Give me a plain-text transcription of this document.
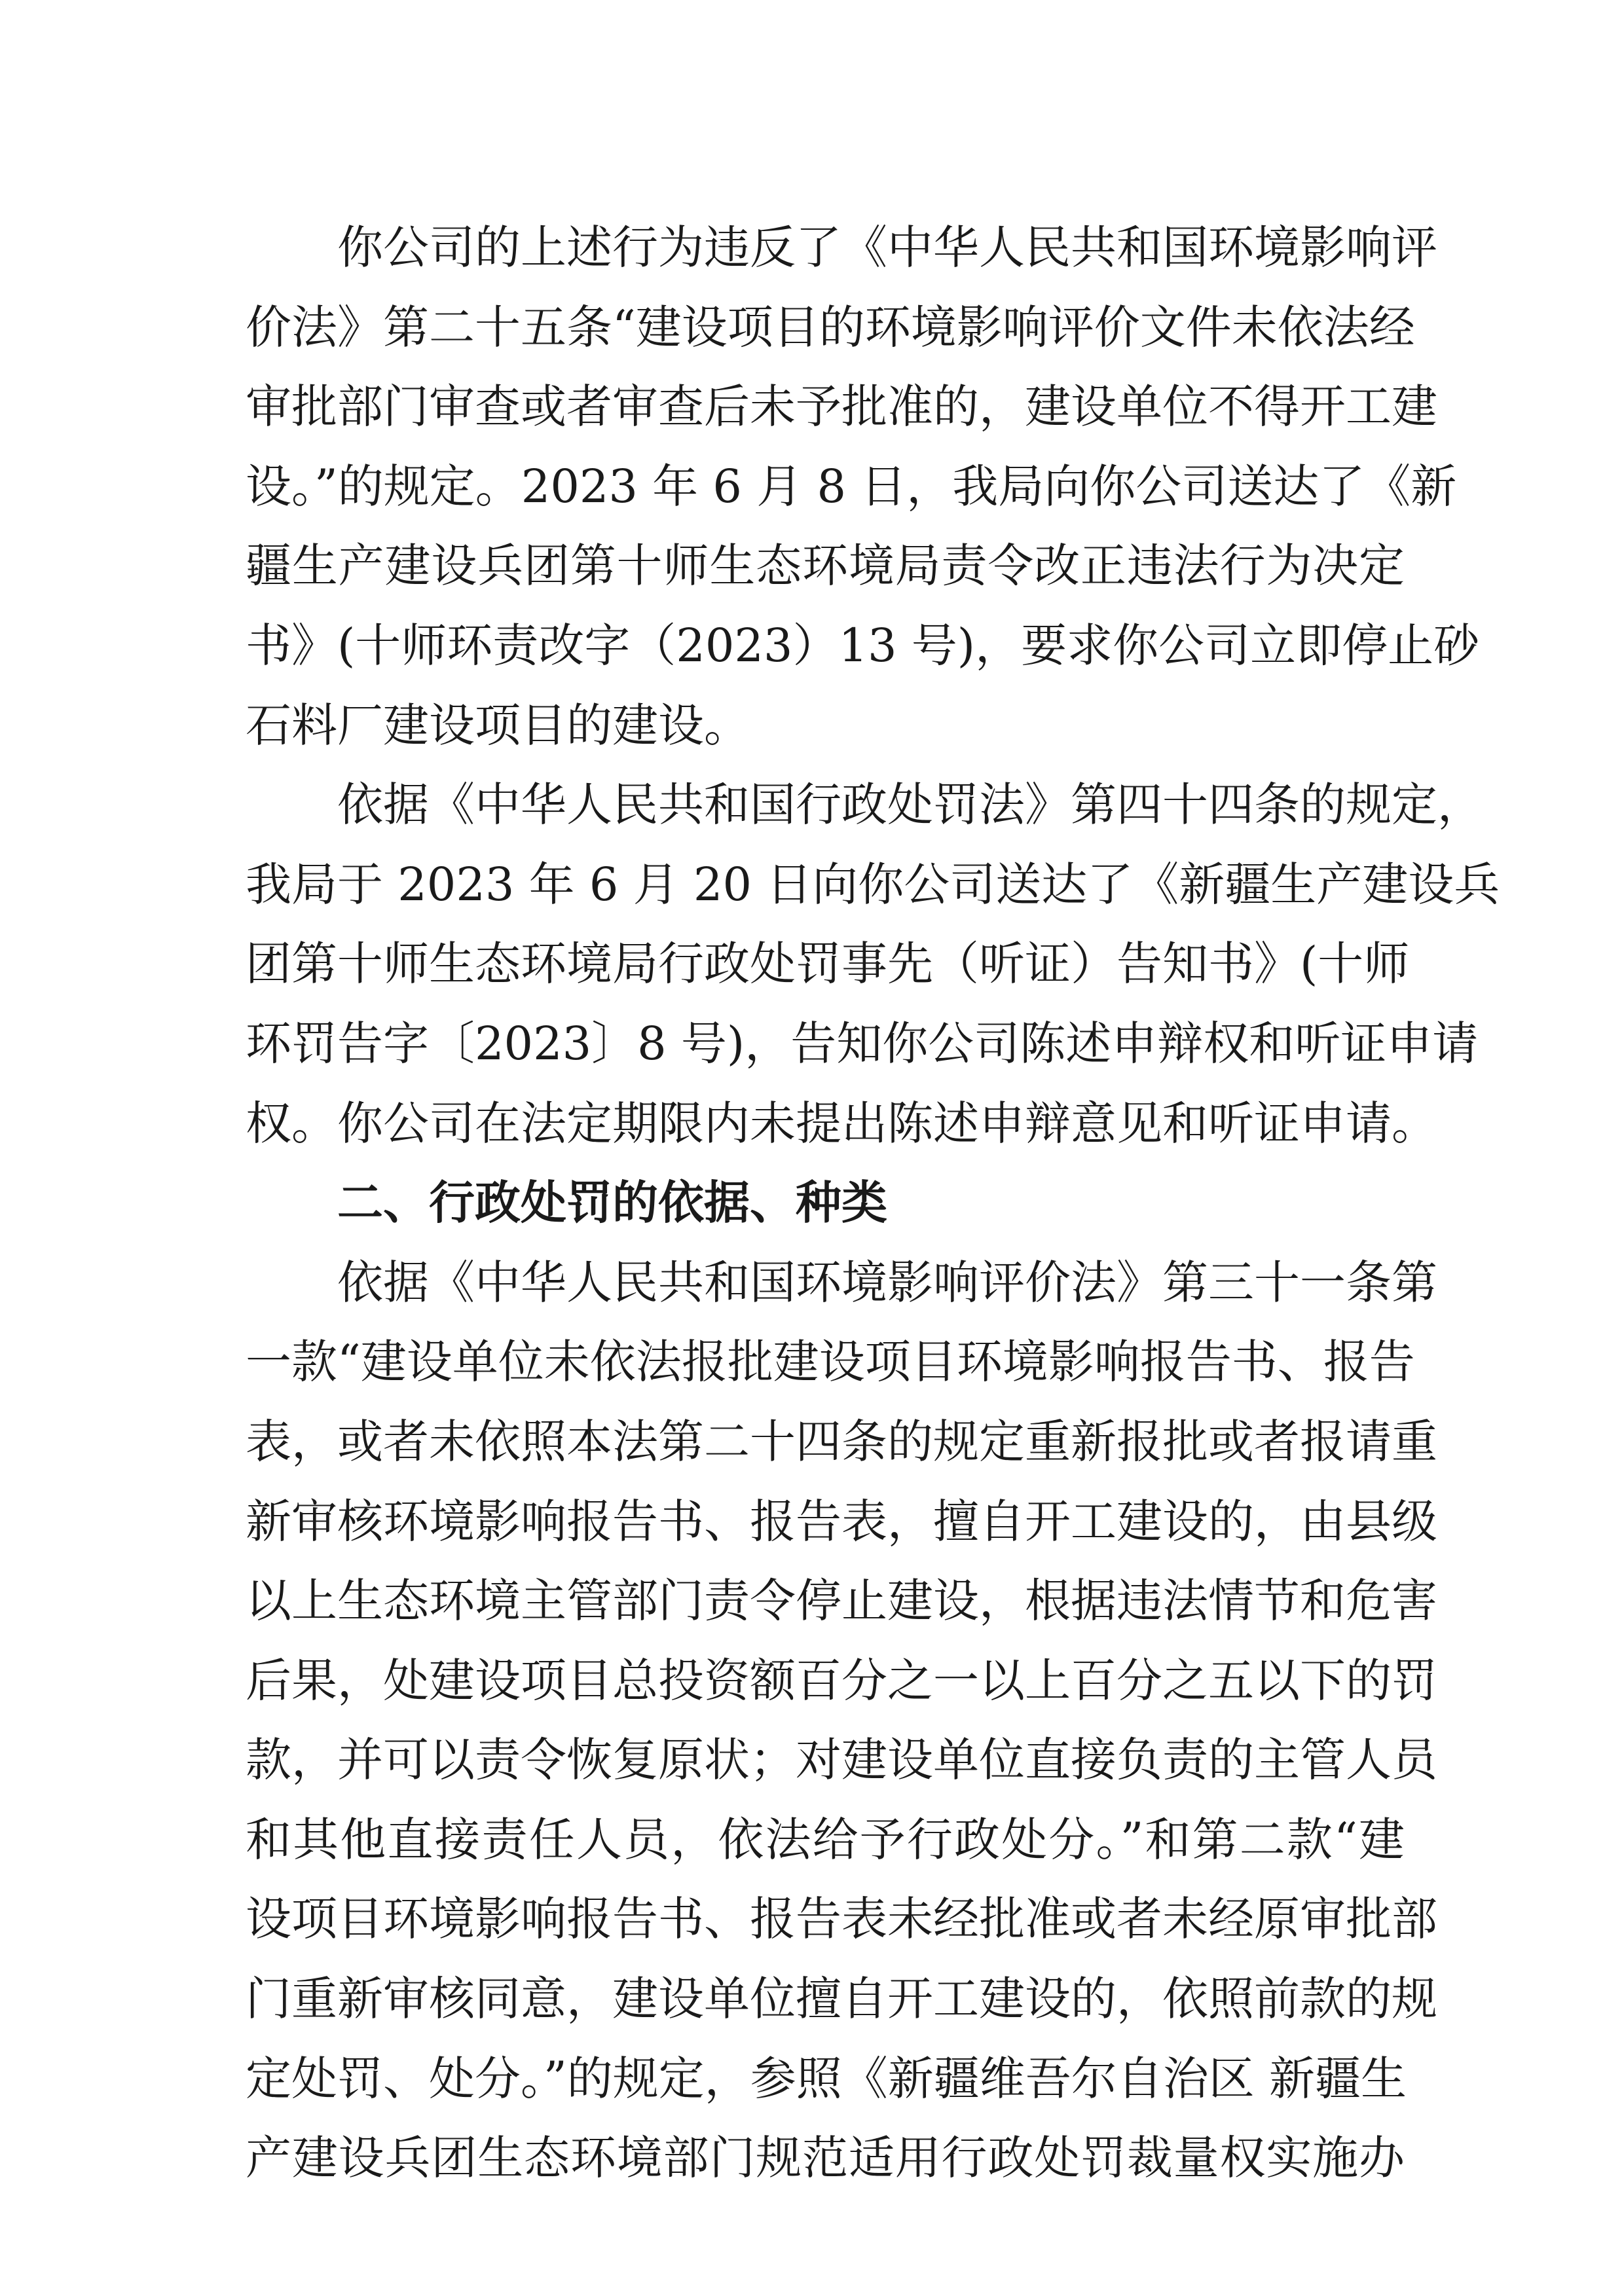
你公司的上述行为违反了《中华人民共和国环境影响评
价法》第二十五条“建设项目的环境影响评价文件未依法经
审批部门审查或者审查后未予批准的，建设单位不得开工建
设。”的规定。2023 年 6 月 8 日，我局向你公司送达了《新
疆生产建设兵团第十师生态环境局责令改正违法行为决定
书》(十师环责改字（2023）13 号)，要求你公司立即停止砂
石料厂建设项目的建设。
依据《中华人民共和国行政处罚法》第四十四条的规定，
我局于 2023 年 6 月 20 日向你公司送达了《新疆生产建设兵
团第十师生态环境局行政处罚事先（听证）告知书》(十师
环罚告字〔2023〕8 号)，告知你公司陈述申辩权和听证申请
权。你公司在法定期限内未提出陈述申辩意见和听证申请。
二、行政处罚的依据、种类
依据《中华人民共和国环境影响评价法》第三十一条第
一款“建设单位未依法报批建设项目环境影响报告书、报告
表，或者未依照本法第二十四条的规定重新报批或者报请重
新审核环境影响报告书、报告表，擅自开工建设的，由县级
以上生态环境主管部门责令停止建设，根据违法情节和危害
后果，处建设项目总投资额百分之一以上百分之五以下的罚
款，并可以责令恢复原状；对建设单位直接负责的主管人员
和其他直接责任人员，依法给予行政处分。”和第二款“建
设项目环境影响报告书、报告表未经批准或者未经原审批部
门重新审核同意，建设单位擅自开工建设的，依照前款的规
定处罚、处分。”的规定，参照《新疆维吾尔自治区 新疆生
产建设兵团生态环境部门规范适用行政处罚裁量权实施办
